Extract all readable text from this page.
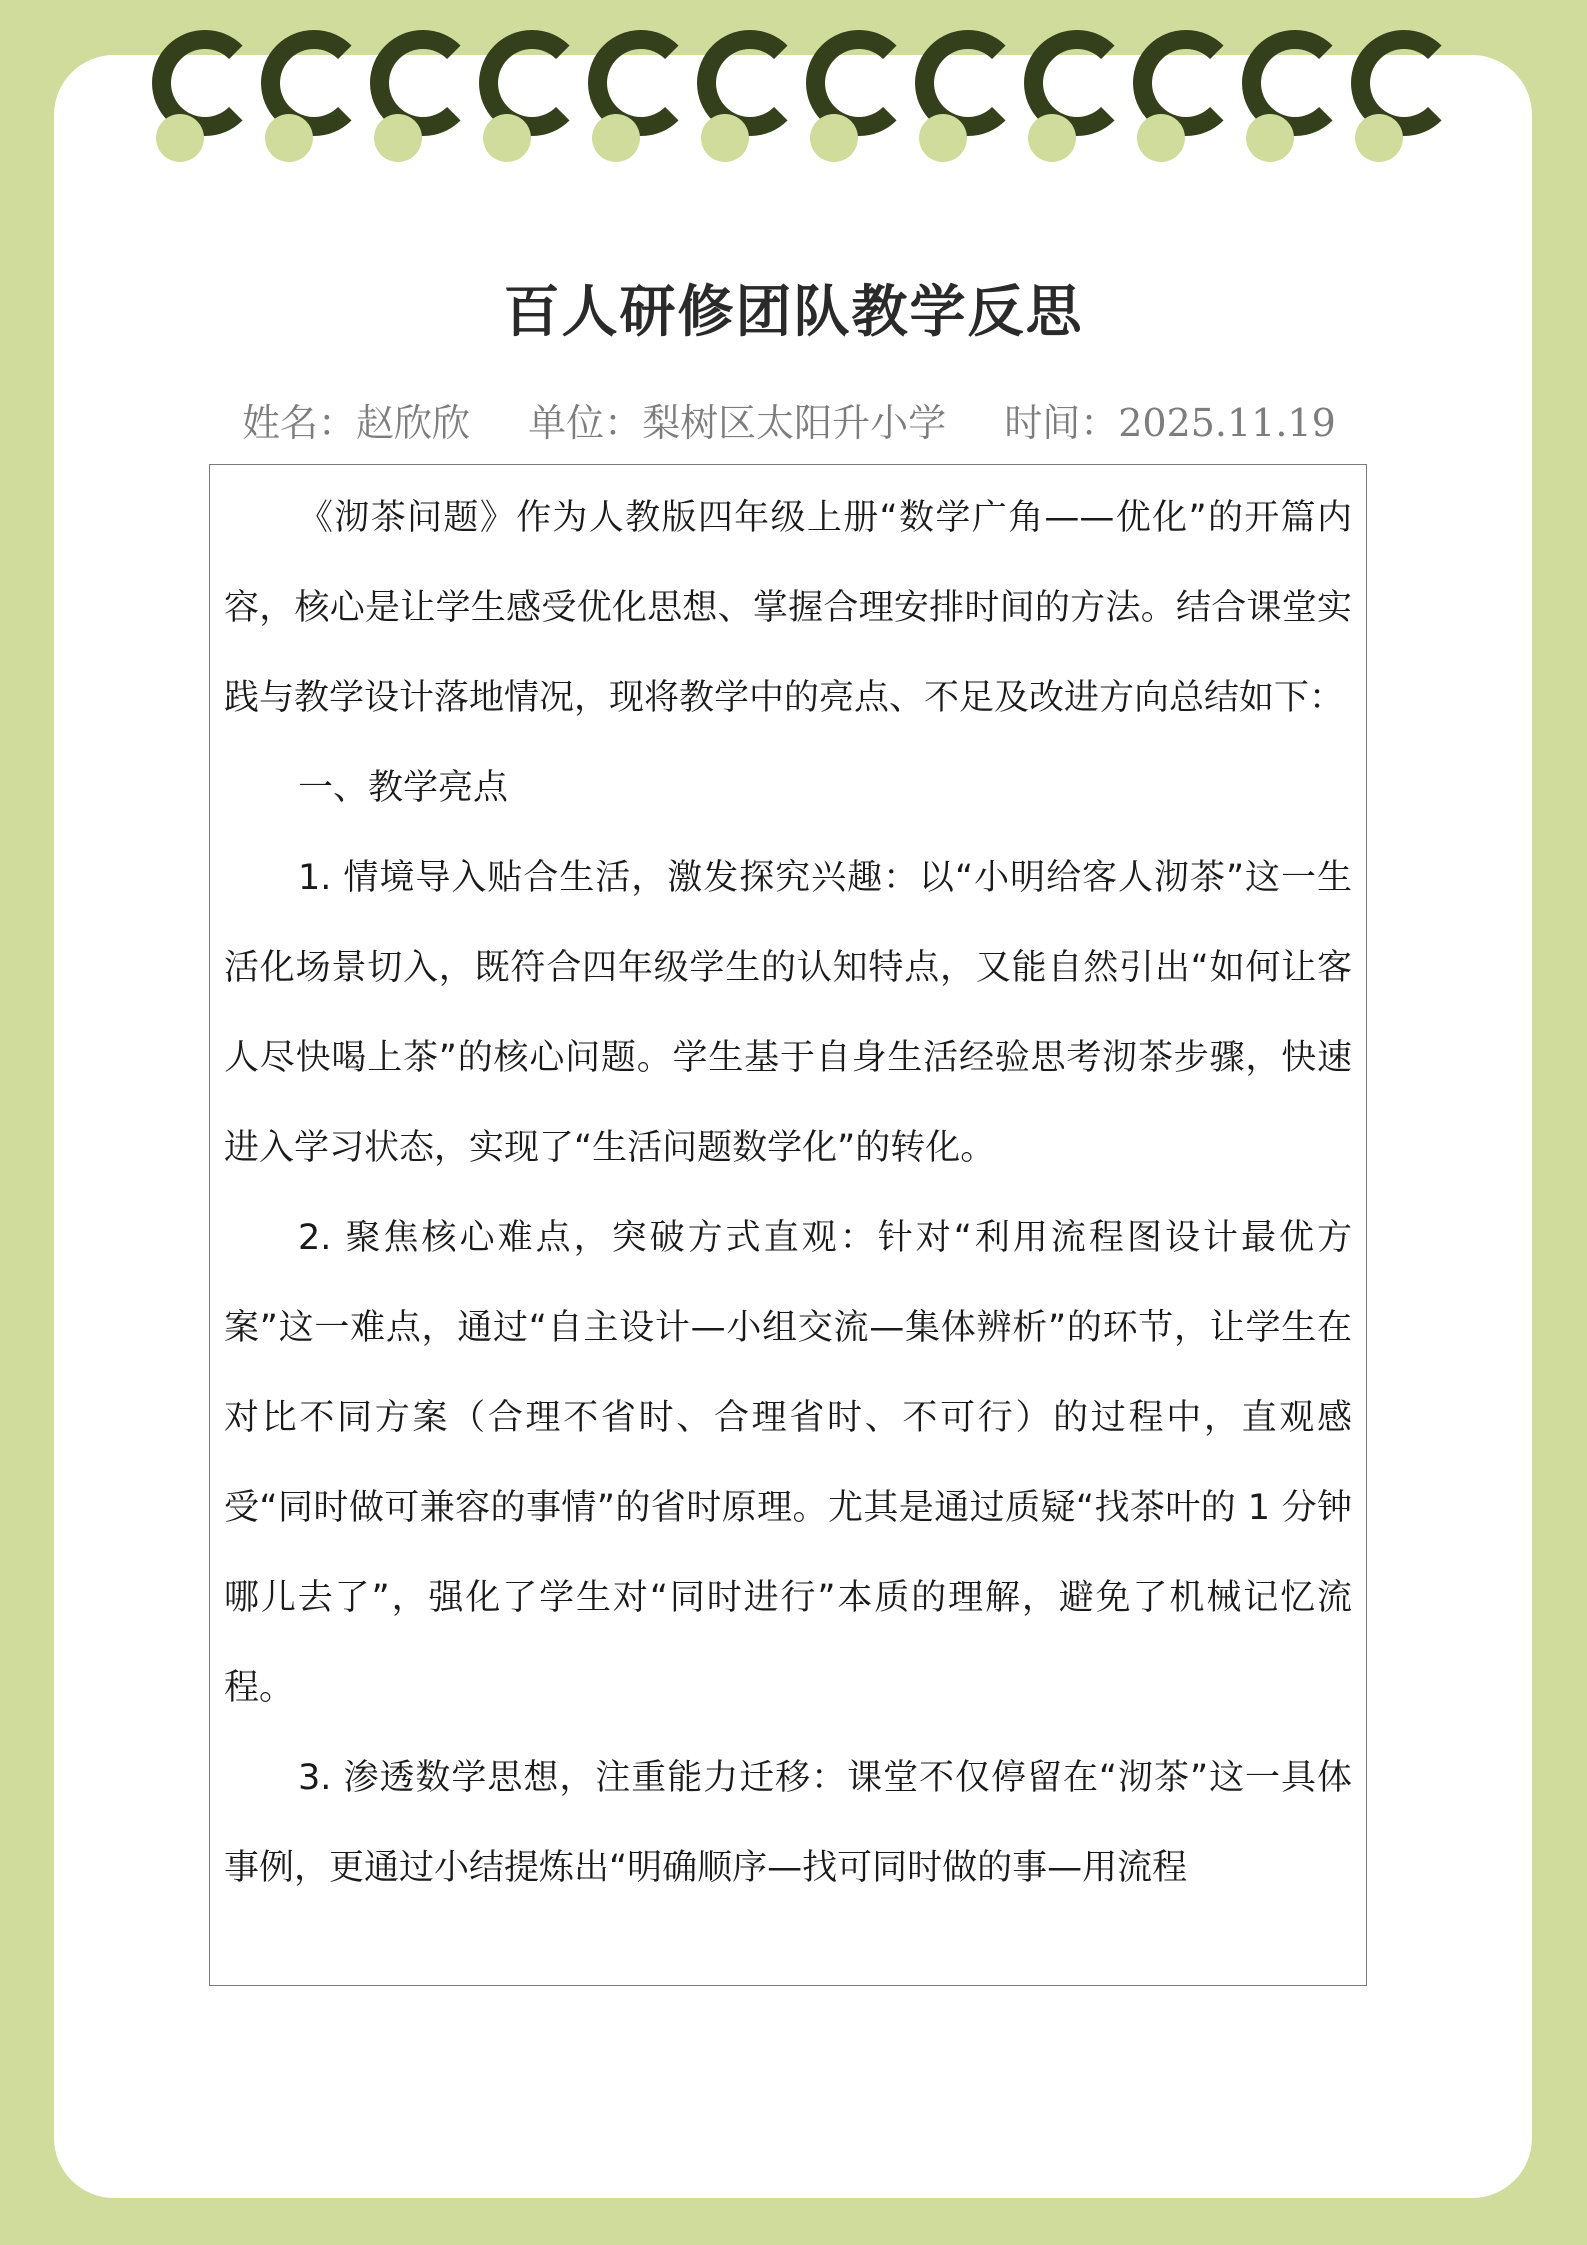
百人研修团队教学反思
姓名：赵欣欣 单位：梨树区太阳升小学 时间：2025.11.19

《沏茶问题》作为人教版四年级上册“数学广角——优化”的开篇内容，核心是让学生感受优化思想、掌握合理安排时间的方法。结合课堂实践与教学设计落地情况，现将教学中的亮点、不足及改进方向总结如下：

一、教学亮点

1. 情境导入贴合生活，激发探究兴趣：以“小明给客人沏茶”这一生活化场景切入，既符合四年级学生的认知特点，又能自然引出“如何让客人尽快喝上茶”的核心问题。学生基于自身生活经验思考沏茶步骤，快速进入学习状态，实现了“生活问题数学化”的转化。

2. 聚焦核心难点，突破方式直观：针对“利用流程图设计最优方案”这一难点，通过“自主设计—小组交流—集体辨析”的环节，让学生在对比不同方案（合理不省时、合理省时、不可行）的过程中，直观感受“同时做可兼容的事情”的省时原理。尤其是通过质疑“找茶叶的 1 分钟哪儿去了”，强化了学生对“同时进行”本质的理解，避免了机械记忆流程。

3. 渗透数学思想，注重能力迁移：课堂不仅停留在“沏茶”这一具体事例，更通过小结提炼出“明确顺序—找可同时做的事—用流程
